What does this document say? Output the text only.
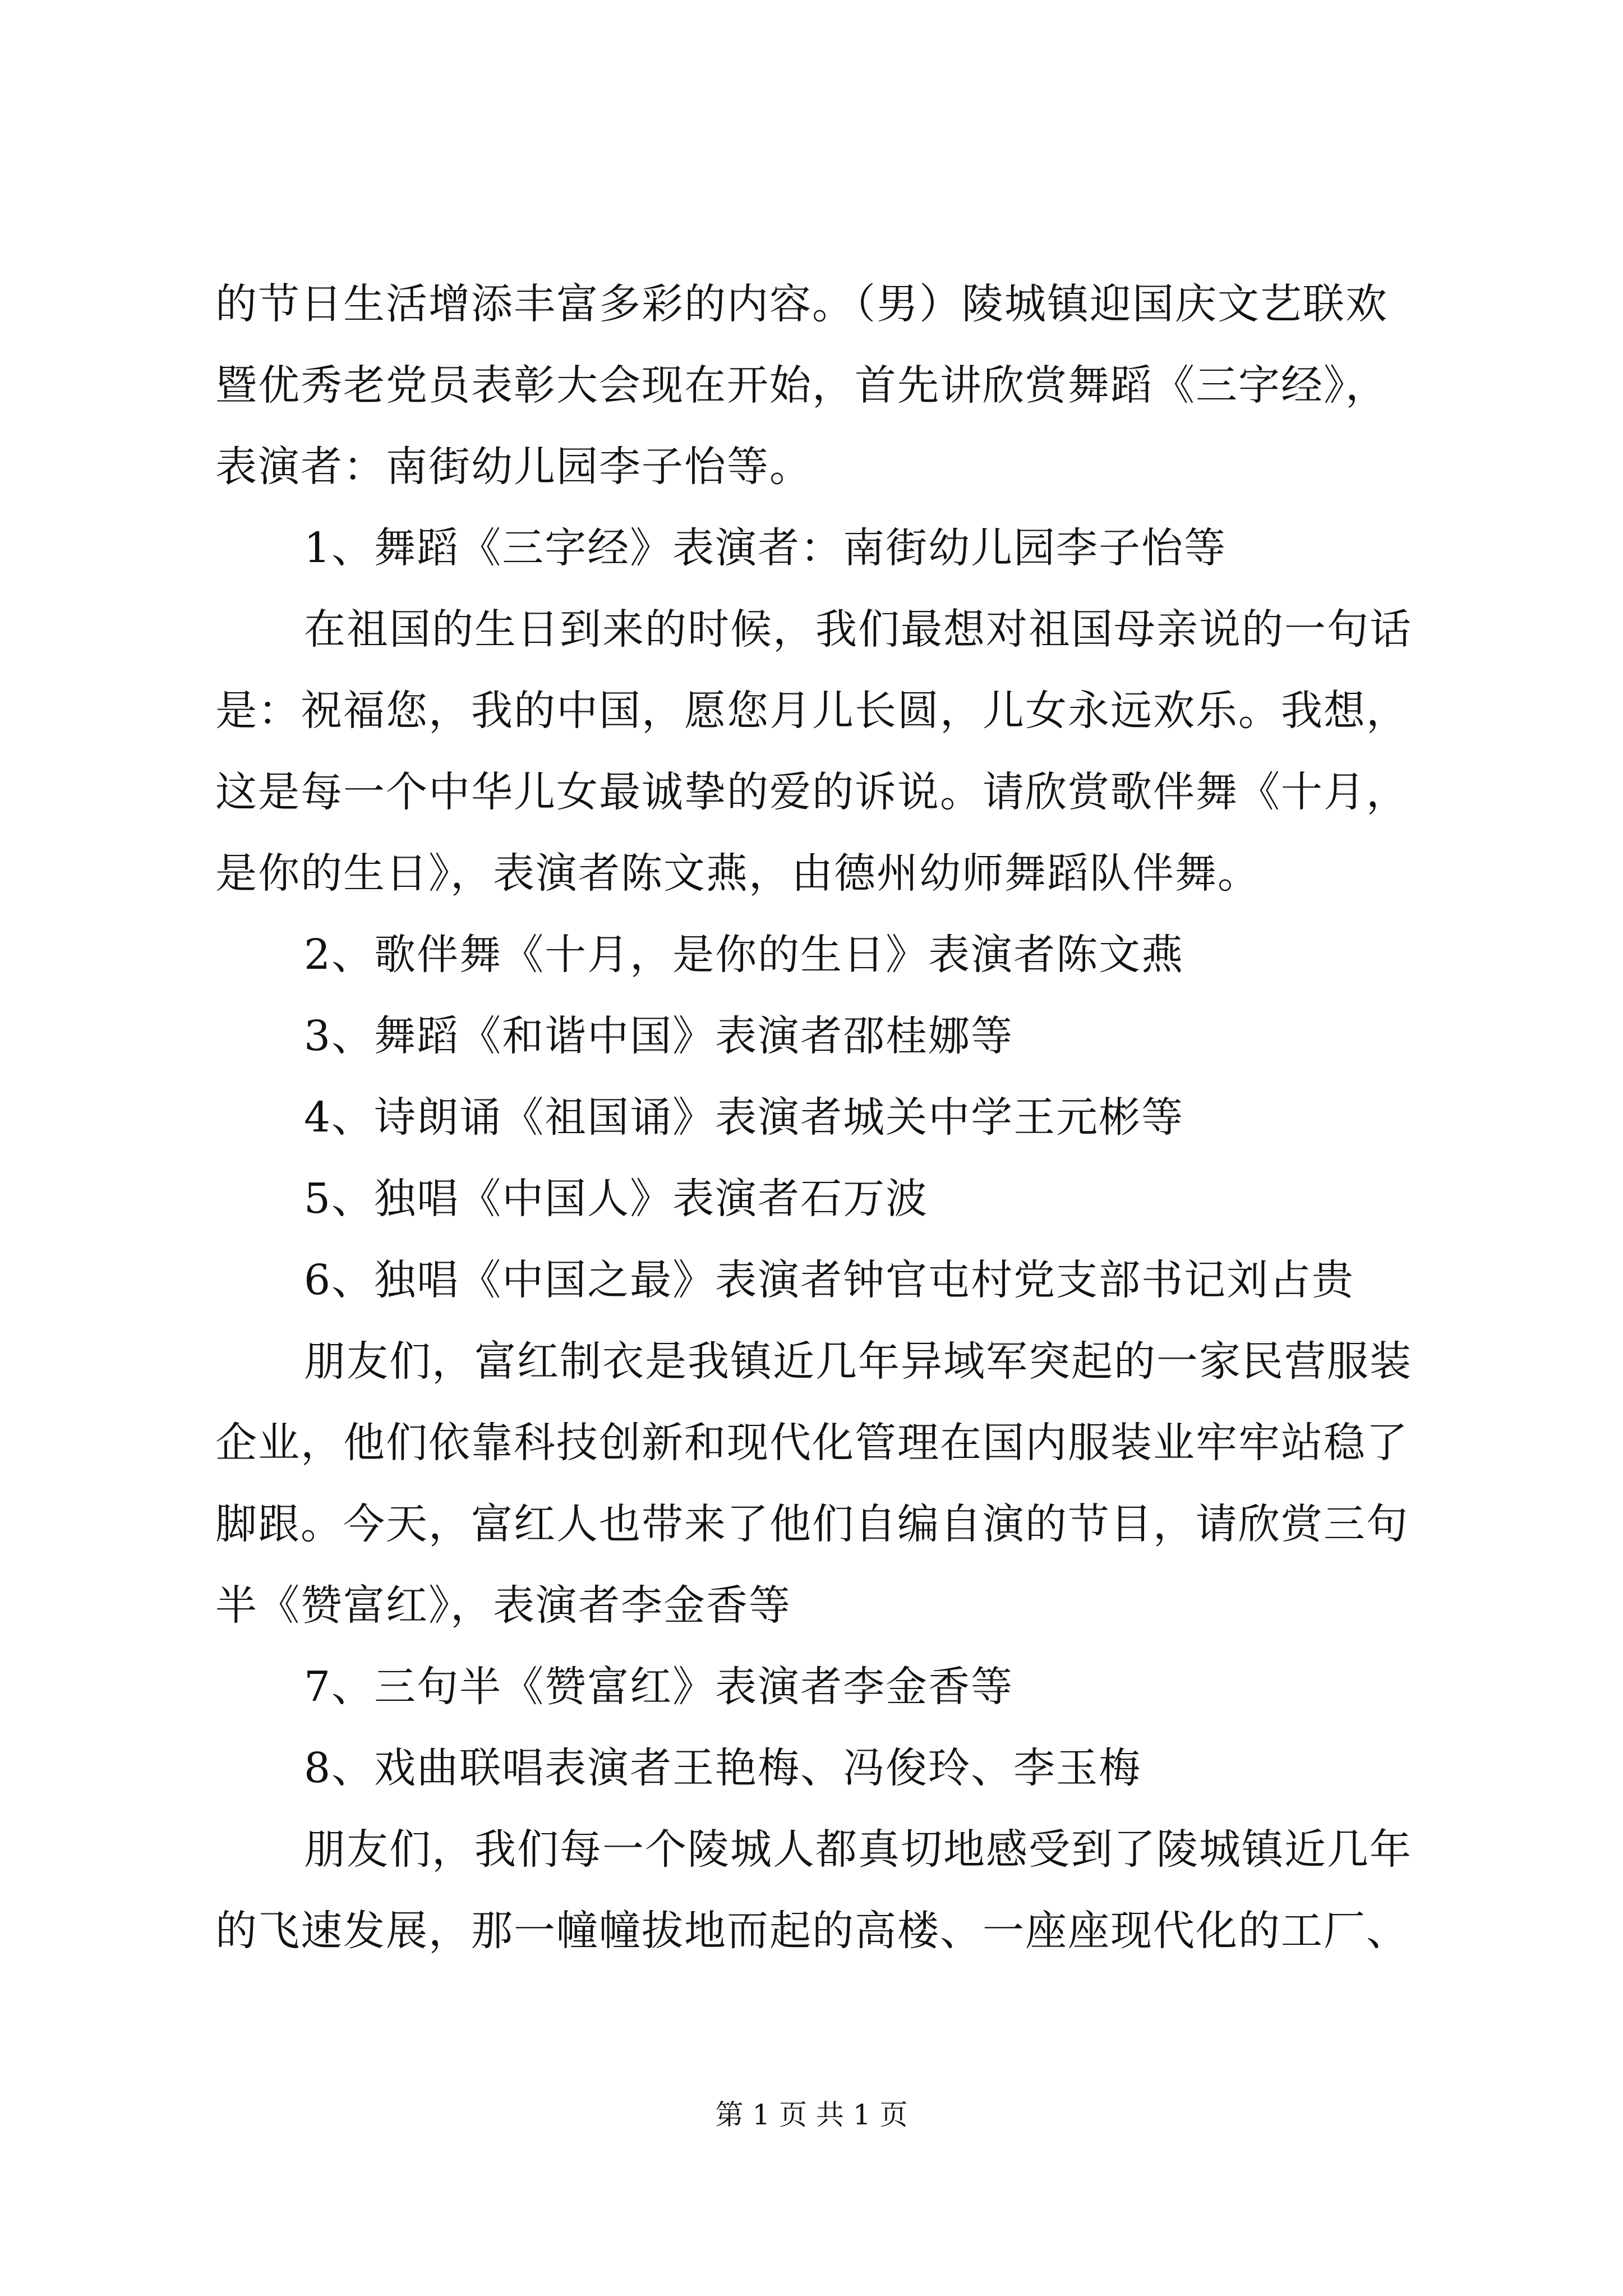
的节日生活增添丰富多彩的内容。（男）陵城镇迎国庆文艺联欢
暨优秀老党员表彰大会现在开始，首先讲欣赏舞蹈《三字经》，
表演者：南街幼儿园李子怡等。
1、舞蹈《三字经》表演者：南街幼儿园李子怡等
在祖国的生日到来的时候，我们最想对祖国母亲说的一句话
是：祝福您，我的中国，愿您月儿长圆，儿女永远欢乐。我想，
这是每一个中华儿女最诚挚的爱的诉说。请欣赏歌伴舞《十月，
是你的生日》，表演者陈文燕，由德州幼师舞蹈队伴舞。
2、歌伴舞《十月，是你的生日》表演者陈文燕
3、舞蹈《和谐中国》表演者邵桂娜等
4、诗朗诵《祖国诵》表演者城关中学王元彬等
5、独唱《中国人》表演者石万波
6、独唱《中国之最》表演者钟官屯村党支部书记刘占贵
朋友们，富红制衣是我镇近几年异域军突起的一家民营服装
企业，他们依靠科技创新和现代化管理在国内服装业牢牢站稳了
脚跟。今天，富红人也带来了他们自编自演的节目，请欣赏三句
半《赞富红》，表演者李金香等
7、三句半《赞富红》表演者李金香等
8、戏曲联唱表演者王艳梅、冯俊玲、李玉梅
朋友们，我们每一个陵城人都真切地感受到了陵城镇近几年
的飞速发展，那一幢幢拔地而起的高楼、一座座现代化的工厂、
第 1 页 共 1 页
